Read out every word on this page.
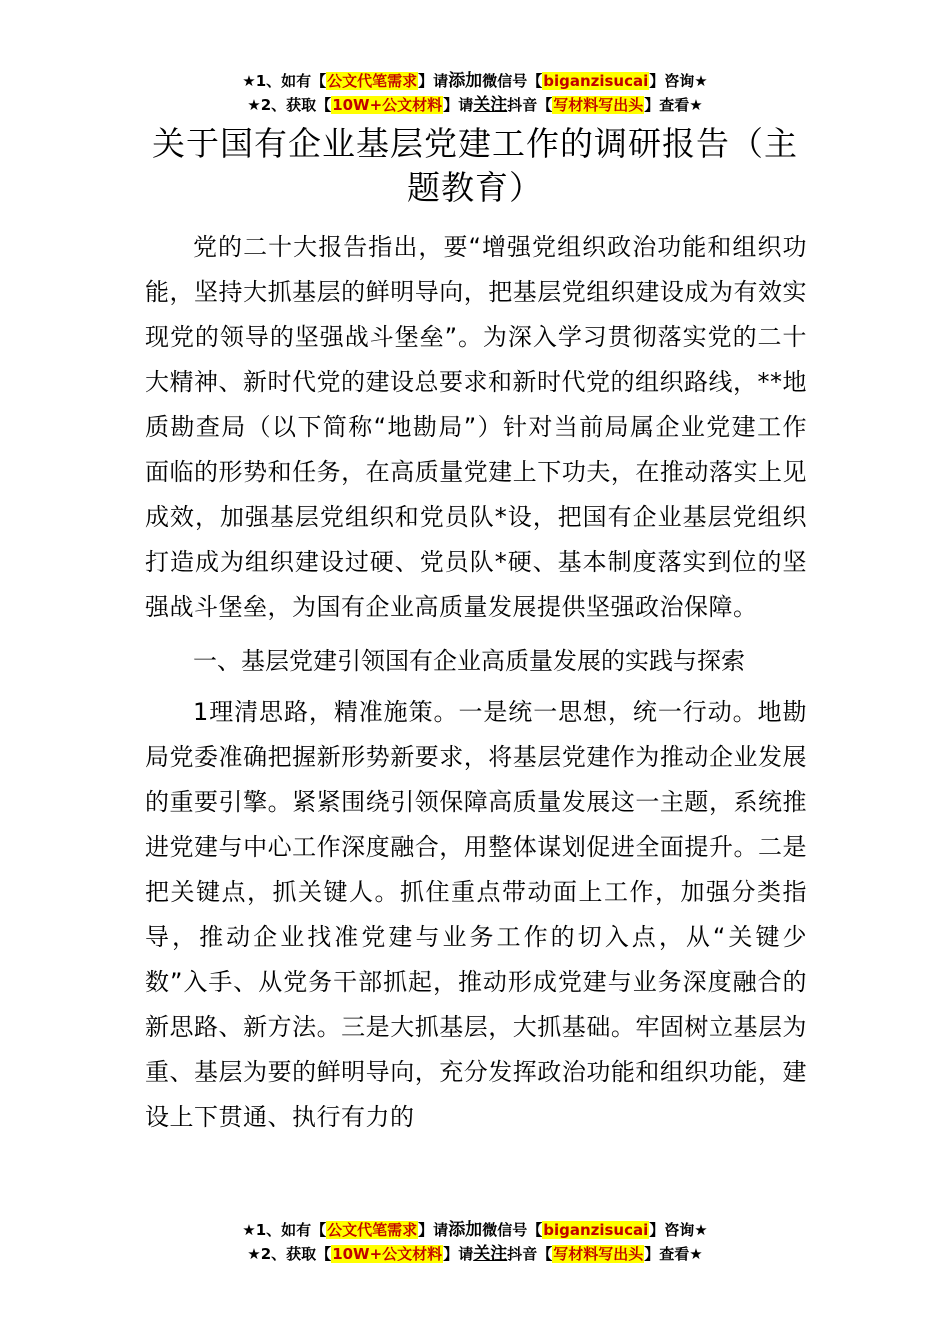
★1、如有【公文代笔需求】请添加微信号【biganzisucai】咨询★
★2、获取【10W+公文材料】请关注抖音【写材料写出头】查看★
关于国有企业基层党建工作的调研报告（主题教育）

党的二十大报告指出，要“增强党组织政治功能和组织功能，坚持大抓基层的鲜明导向，把基层党组织建设成为有效实现党的领导的坚强战斗堡垒”。为深入学习贯彻落实党的二十大精神、新时代党的建设总要求和新时代党的组织路线，**地质勘查局（以下简称“地勘局”）针对当前局属企业党建工作面临的形势和任务，在高质量党建上下功夫，在推动落实上见成效，加强基层党组织和党员队*设，把国有企业基层党组织打造成为组织建设过硬、党员队*硬、基本制度落实到位的坚强战斗堡垒，为国有企业高质量发展提供坚强政治保障。

一、基层党建引领国有企业高质量发展的实践与探索

1理清思路，精准施策。一是统一思想，统一行动。地勘局党委准确把握新形势新要求，将基层党建作为推动企业发展的重要引擎。紧紧围绕引领保障高质量发展这一主题，系统推进党建与中心工作深度融合，用整体谋划促进全面提升。二是把关键点，抓关键人。抓住重点带动面上工作，加强分类指导，推动企业找准党建与业务工作的切入点，从“关键少数”入手、从党务干部抓起，推动形成党建与业务深度融合的新思路、新方法。三是大抓基层，大抓基础。牢固树立基层为重、基层为要的鲜明导向，充分发挥政治功能和组织功能，建设上下贯通、执行有力的

★1、如有【公文代笔需求】请添加微信号【biganzisucai】咨询★
★2、获取【10W+公文材料】请关注抖音【写材料写出头】查看★
